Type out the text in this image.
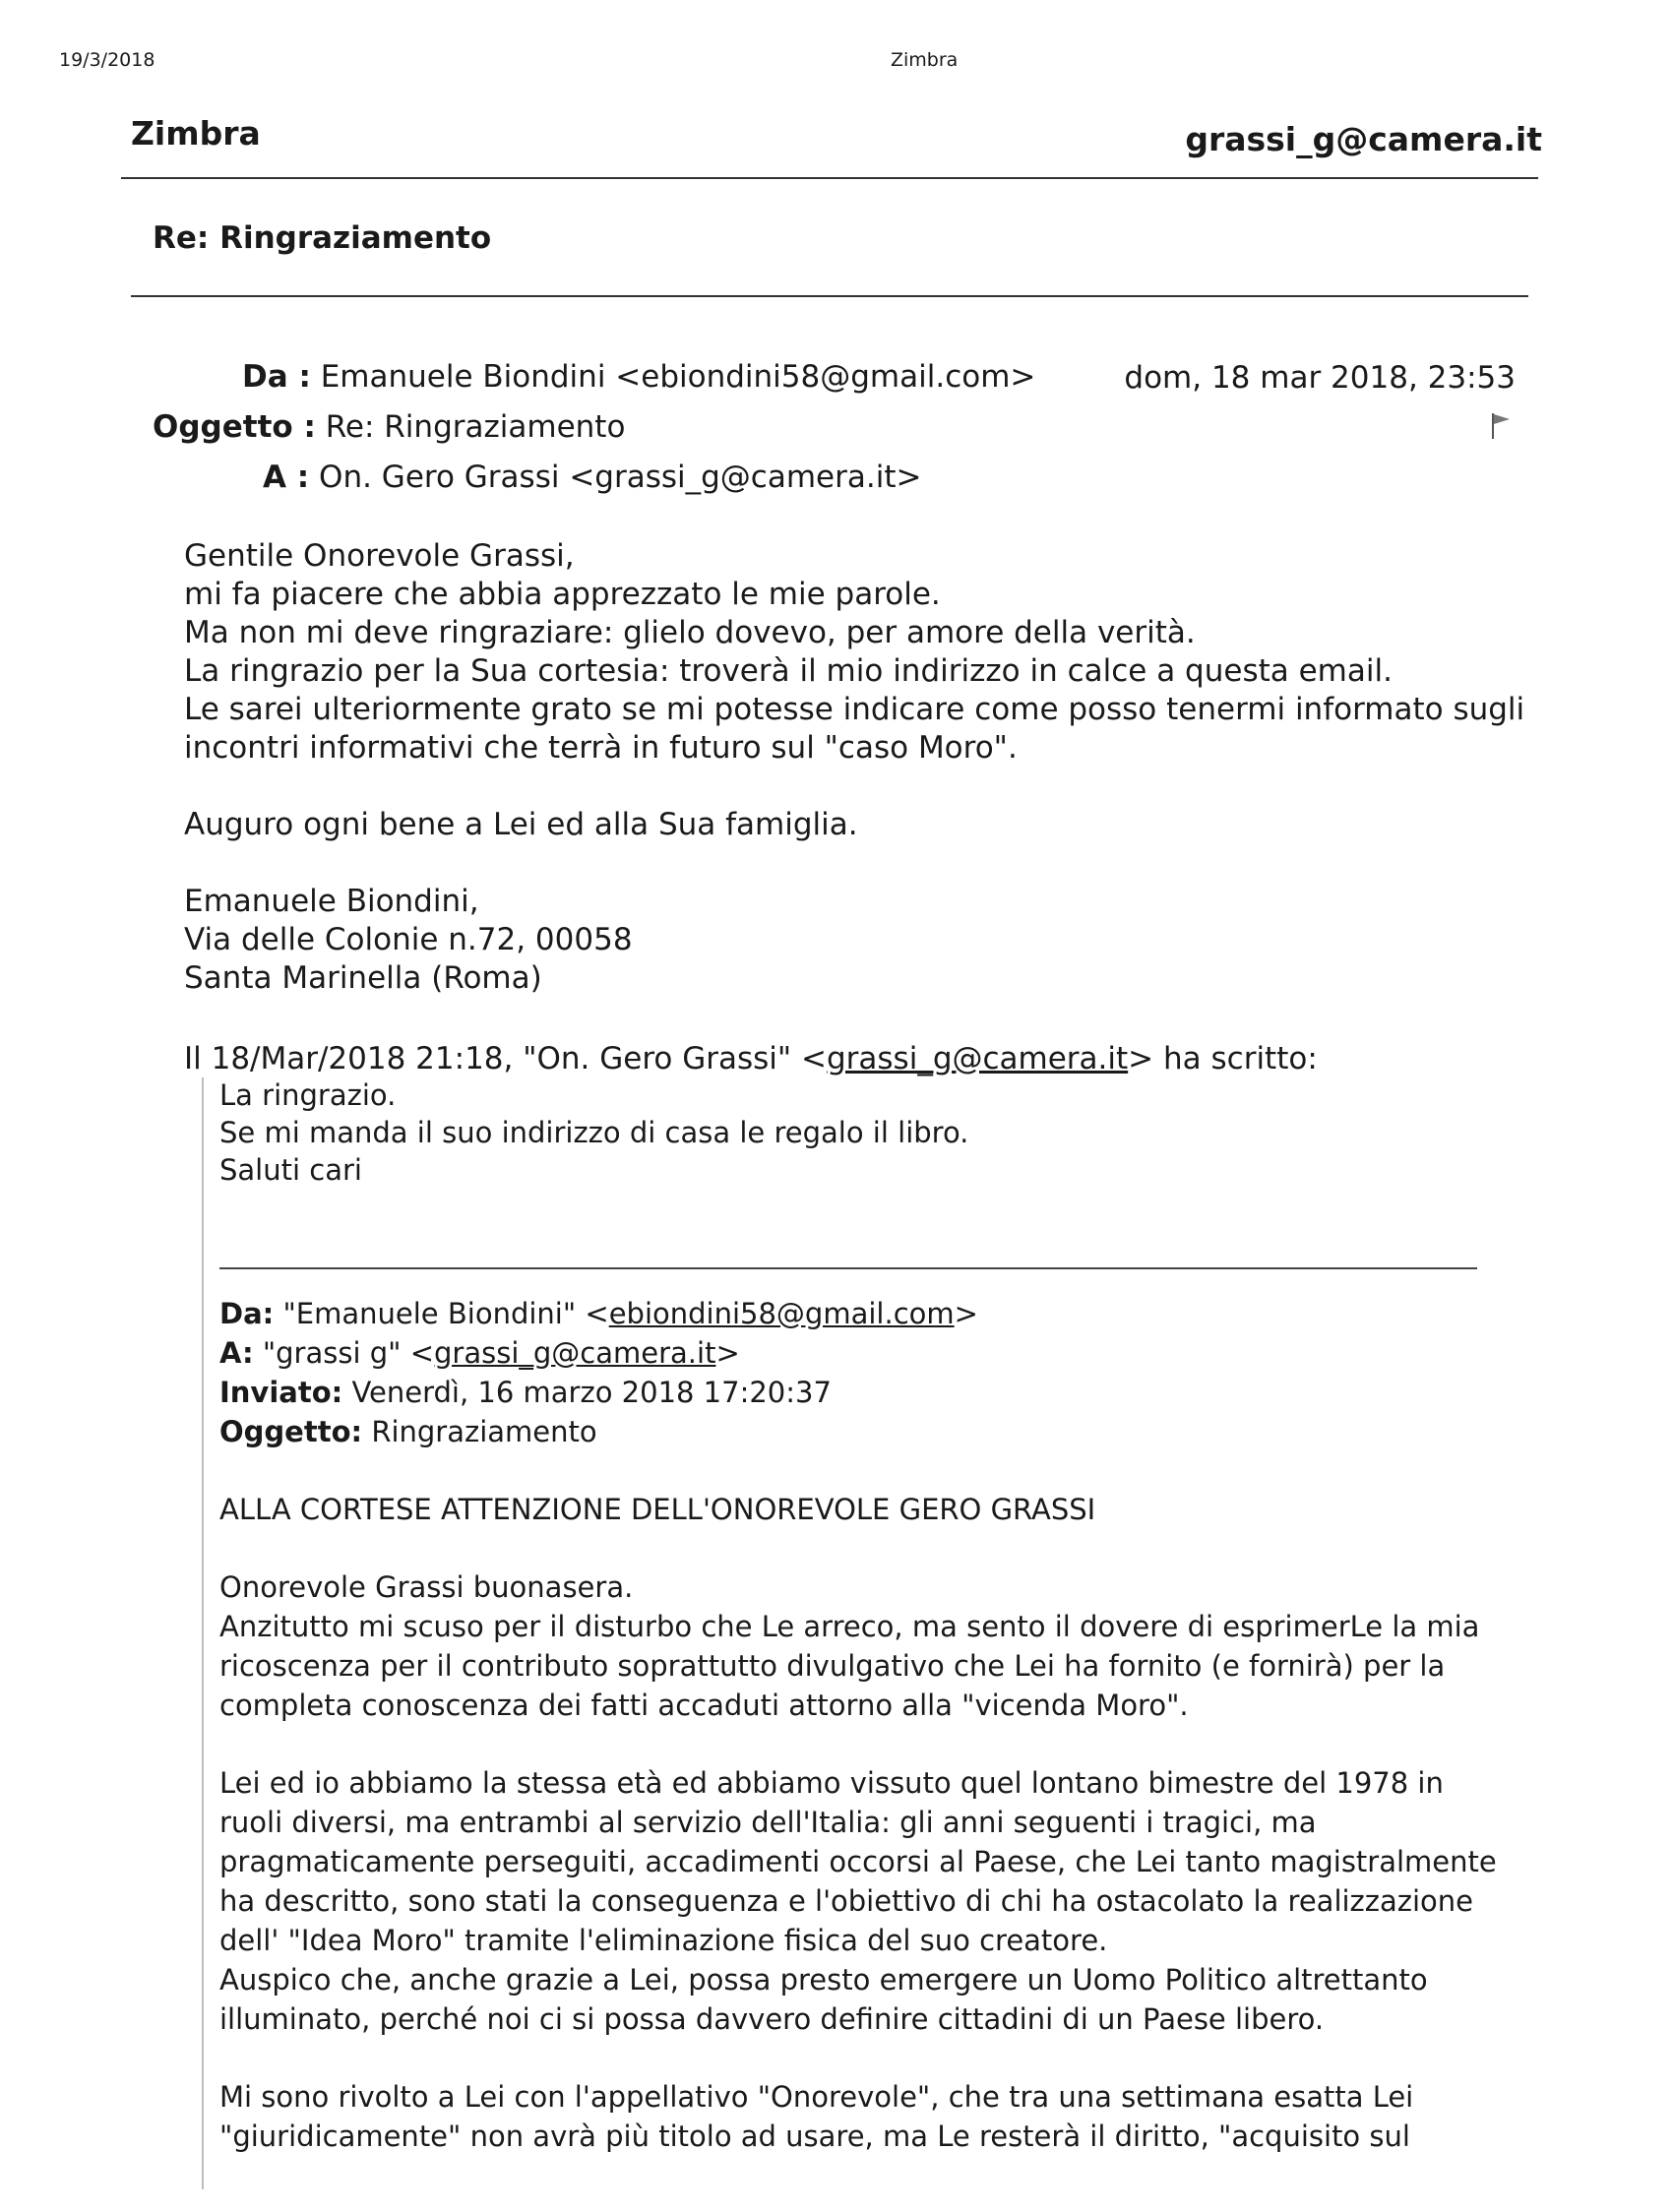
19/3/2018	Zimbra
Zimbra	grassi_g@camera.it
Re: Ringraziamento
Da : Emanuele Biondini <ebiondini58@gmail.com>	dom, 18 mar 2018, 23:53
Oggetto : Re: Ringraziamento
A : On. Gero Grassi <grassi_g@camera.it>

Gentile Onorevole Grassi,

mi fa piacere che abbia apprezzato le mie parole.

Ma non mi deve ringraziare: glielo dovevo, per amore della verità.

La ringrazio per la Sua cortesia: troverà il mio indirizzo in calce a questa email.

Le sarei ulteriormente grato se mi potesse indicare come posso tenermi informato sugli

incontri informativi che terrà in futuro sul "caso Moro".

Auguro ogni bene a Lei ed alla Sua famiglia.

Emanuele Biondini,

Via delle Colonie n.72, 00058

Santa Marinella (Roma)

Il 18/Mar/2018 21:18, "On. Gero Grassi" <grassi_g@camera.it> ha scritto:

La ringrazio.

Se mi manda il suo indirizzo di casa le regalo il libro.

Saluti cari

Da: "Emanuele Biondini" <ebiondini58@gmail.com>

A: "grassi g" <grassi_g@camera.it>

Inviato: Venerdì, 16 marzo 2018 17:20:37

Oggetto: Ringraziamento

ALLA CORTESE ATTENZIONE DELL'ONOREVOLE GERO GRASSI

Onorevole Grassi buonasera.

Anzitutto mi scuso per il disturbo che Le arreco, ma sento il dovere di esprimerLe la mia

ricoscenza per il contributo soprattutto divulgativo che Lei ha fornito (e fornirà) per la

completa conoscenza dei fatti accaduti attorno alla "vicenda Moro".

Lei ed io abbiamo la stessa età ed abbiamo vissuto quel lontano bimestre del 1978 in

ruoli diversi, ma entrambi al servizio dell'Italia: gli anni seguenti i tragici, ma

pragmaticamente perseguiti, accadimenti occorsi al Paese, che Lei tanto magistralmente

ha descritto, sono stati la conseguenza e l'obiettivo di chi ha ostacolato la realizzazione

dell' "Idea Moro" tramite l'eliminazione fisica del suo creatore.

Auspico che, anche grazie a Lei, possa presto emergere un Uomo Politico altrettanto

illuminato, perché noi ci si possa davvero definire cittadini di un Paese libero.

Mi sono rivolto a Lei con l'appellativo "Onorevole", che tra una settimana esatta Lei

"giuridicamente" non avrà più titolo ad usare, ma Le resterà il diritto, "acquisito sul
